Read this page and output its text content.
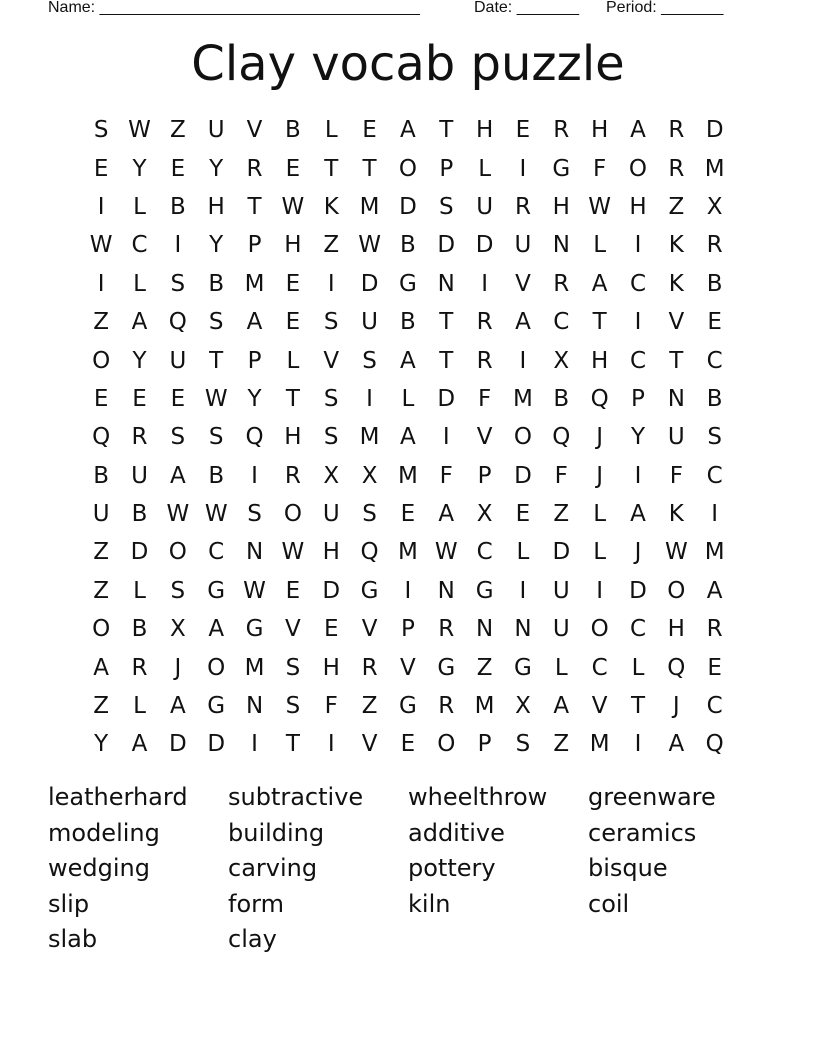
Name: ____________________________________	Date: _______ Period: _______
Clay vocab puzzle
S W Z U V B	L	E	A	T H E	R H A R D
E	Y	E	Y	R	E	T	T O P	L	I	G F O R M
I	L	B H T W K M D S U R H W H Z X
W C	I	Y	P H Z W B D D U N	L	I	K R
I	L	S	B M E	I	D G N	I	V R A C K B
Z A Q S	A	E	S U B	T	R A C	T	I	V	E
O Y U T	P	L	V	S	A	T	R	I	X H C	T	C
E	E	E W Y	T	S	I	L	D F M B Q P N B
Q R	S	S Q H S M A	I	V O Q	J	Y U S
B U A B	I	R X X M F	P D F	J	I	F	C
U B W W S O U S	E	A X	E	Z	L	A K	I
Z D O C N W H Q M W C	L	D	L	J	W M
Z	L	S G W E D G	I	N G	I	U	I	D O A
O B X A G V	E	V	P	R N N U O C H R
A R	J	O M S H R V G Z G	L	C	L Q E
Z	L	A G N S	F	Z G R M X A V	T	J	C
Y	A D D	I	T	I	V	E O P	S	Z M	I	A Q
leatherhard	subtractive	wheelthrow	greenware
modeling	building	additive	ceramics
wedging	carving	pottery	bisque
slip	form	kiln	coil
slab	clay
